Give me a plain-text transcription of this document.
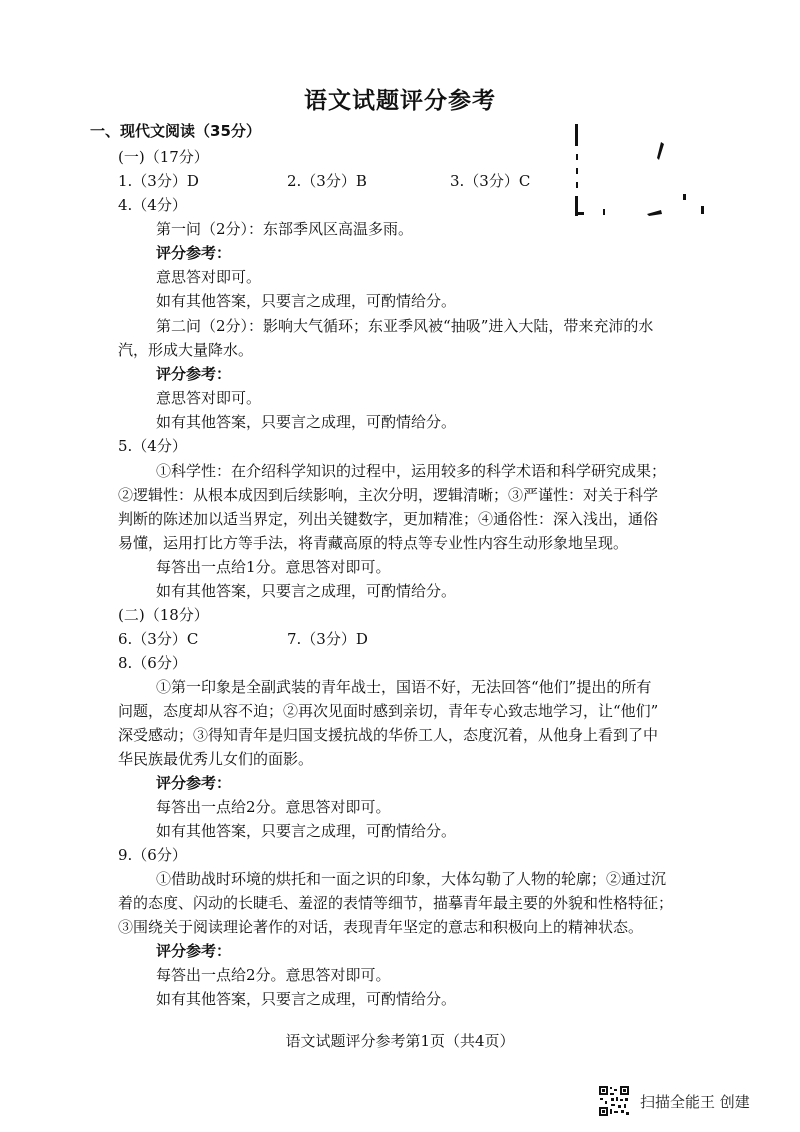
语文试题评分参考
一、现代文阅读（35分）
(一)（17分）
1.（3分）D	2.（3分）B	3.（3分）C
4.（4分）
第一问（2分）：东部季风区高温多雨。
评分参考：
意思答对即可。
如有其他答案，只要言之成理，可酌情给分。
第二问（2分）：影响大气循环；东亚季风被“抽吸”进入大陆，带来充沛的水
汽，形成大量降水。
评分参考：
意思答对即可。
如有其他答案，只要言之成理，可酌情给分。
5.（4分）
①科学性：在介绍科学知识的过程中，运用较多的科学术语和科学研究成果；
②逻辑性：从根本成因到后续影响，主次分明，逻辑清晰；③严谨性：对关于科学
判断的陈述加以适当界定，列出关键数字，更加精准；④通俗性：深入浅出，通俗
易懂，运用打比方等手法，将青藏高原的特点等专业性内容生动形象地呈现。
每答出一点给1分。意思答对即可。
如有其他答案，只要言之成理，可酌情给分。
(二)（18分）
6.（3分）C	7.（3分）D
8.（6分）
①第一印象是全副武装的青年战士，国语不好，无法回答“他们”提出的所有
问题，态度却从容不迫；②再次见面时感到亲切，青年专心致志地学习，让“他们”
深受感动；③得知青年是归国支援抗战的华侨工人，态度沉着，从他身上看到了中
华民族最优秀儿女们的面影。
评分参考：
每答出一点给2分。意思答对即可。
如有其他答案，只要言之成理，可酌情给分。
9.（6分）
①借助战时环境的烘托和一面之识的印象，大体勾勒了人物的轮廓；②通过沉
着的态度、闪动的长睫毛、羞涩的表情等细节，描摹青年最主要的外貌和性格特征；
③围绕关于阅读理论著作的对话，表现青年坚定的意志和积极向上的精神状态。
评分参考：
每答出一点给2分。意思答对即可。
如有其他答案，只要言之成理，可酌情给分。
语文试题评分参考第1页（共4页）
扫描全能王 创建
